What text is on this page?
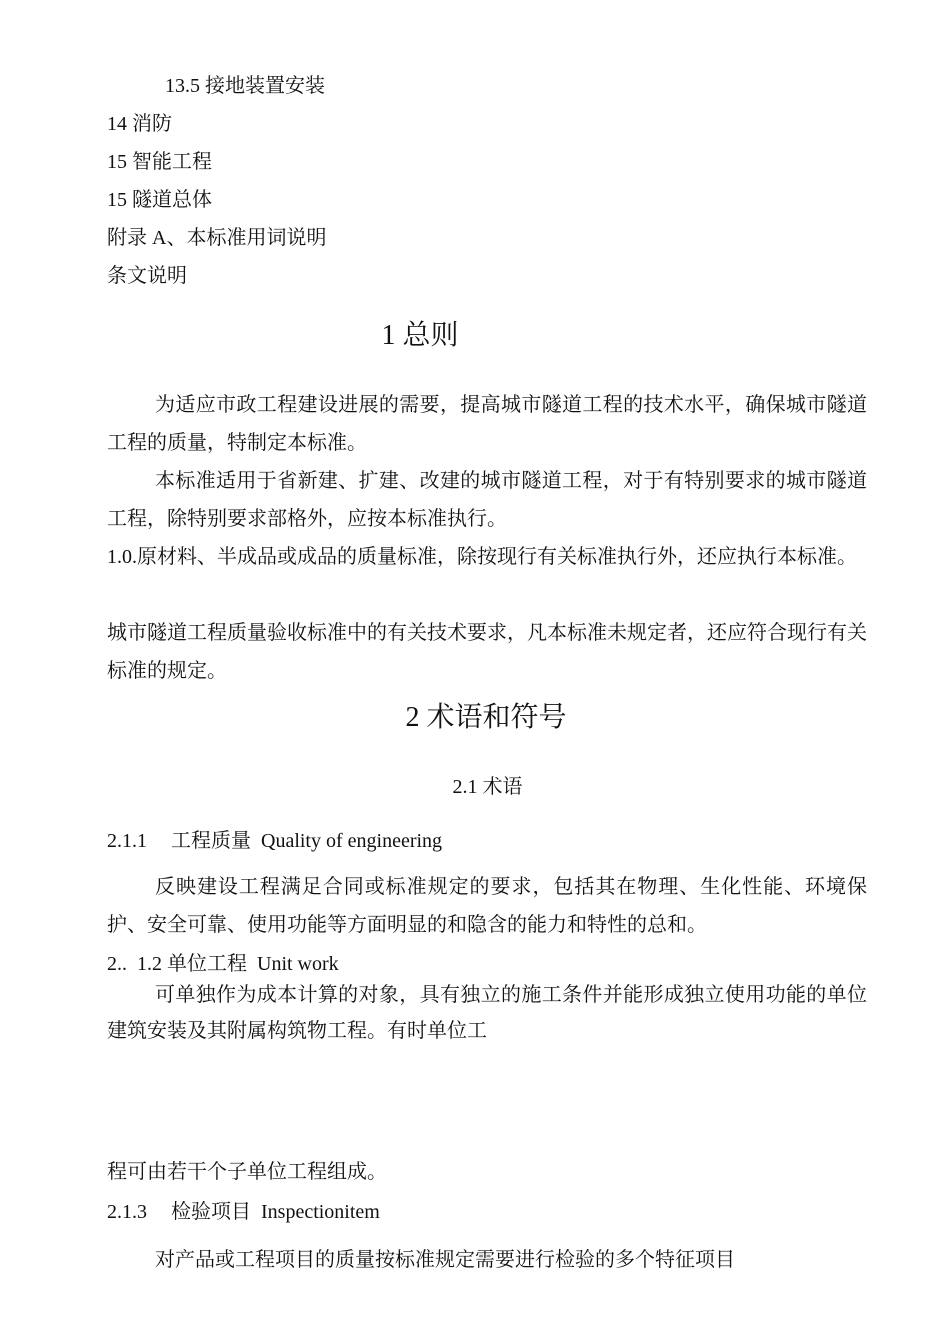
13.5 接地装置安装
14 消防
15 智能工程
15 隧道总体
附录 A、本标准用词说明
条文说明
1 总则
为适应市政工程建设进展的需要，提高城市隧道工程的技术水平，确保城市隧道工程的质量，特制定本标准。
本标准适用于省新建、扩建、改建的城市隧道工程，对于有特别要求的城市隧道工程，除特别要求部格外，应按本标准执行。
1.0.原材料、半成品或成品的质量标准，除按现行有关标准执行外，还应执行本标准。
城市隧道工程质量验收标准中的有关技术要求，凡本标准未规定者，还应符合现行有关标准的规定。
2 术语和符号
2.1 术语
2.1.1 工程质量 Quality of engineering
反映建设工程满足合同或标准规定的要求，包括其在物理、生化性能、环境保护、安全可靠、使用功能等方面明显的和隐含的能力和特性的总和。
2.. 1.2 单位工程 Unit work
可单独作为成本计算的对象，具有独立的施工条件并能形成独立使用功能的单位建筑安装及其附属构筑物工程。有时单位工
程可由若干个子单位工程组成。
2.1.3 检验项目 Inspectionitem
对产品或工程项目的质量按标准规定需要进行检验的多个特征项目
